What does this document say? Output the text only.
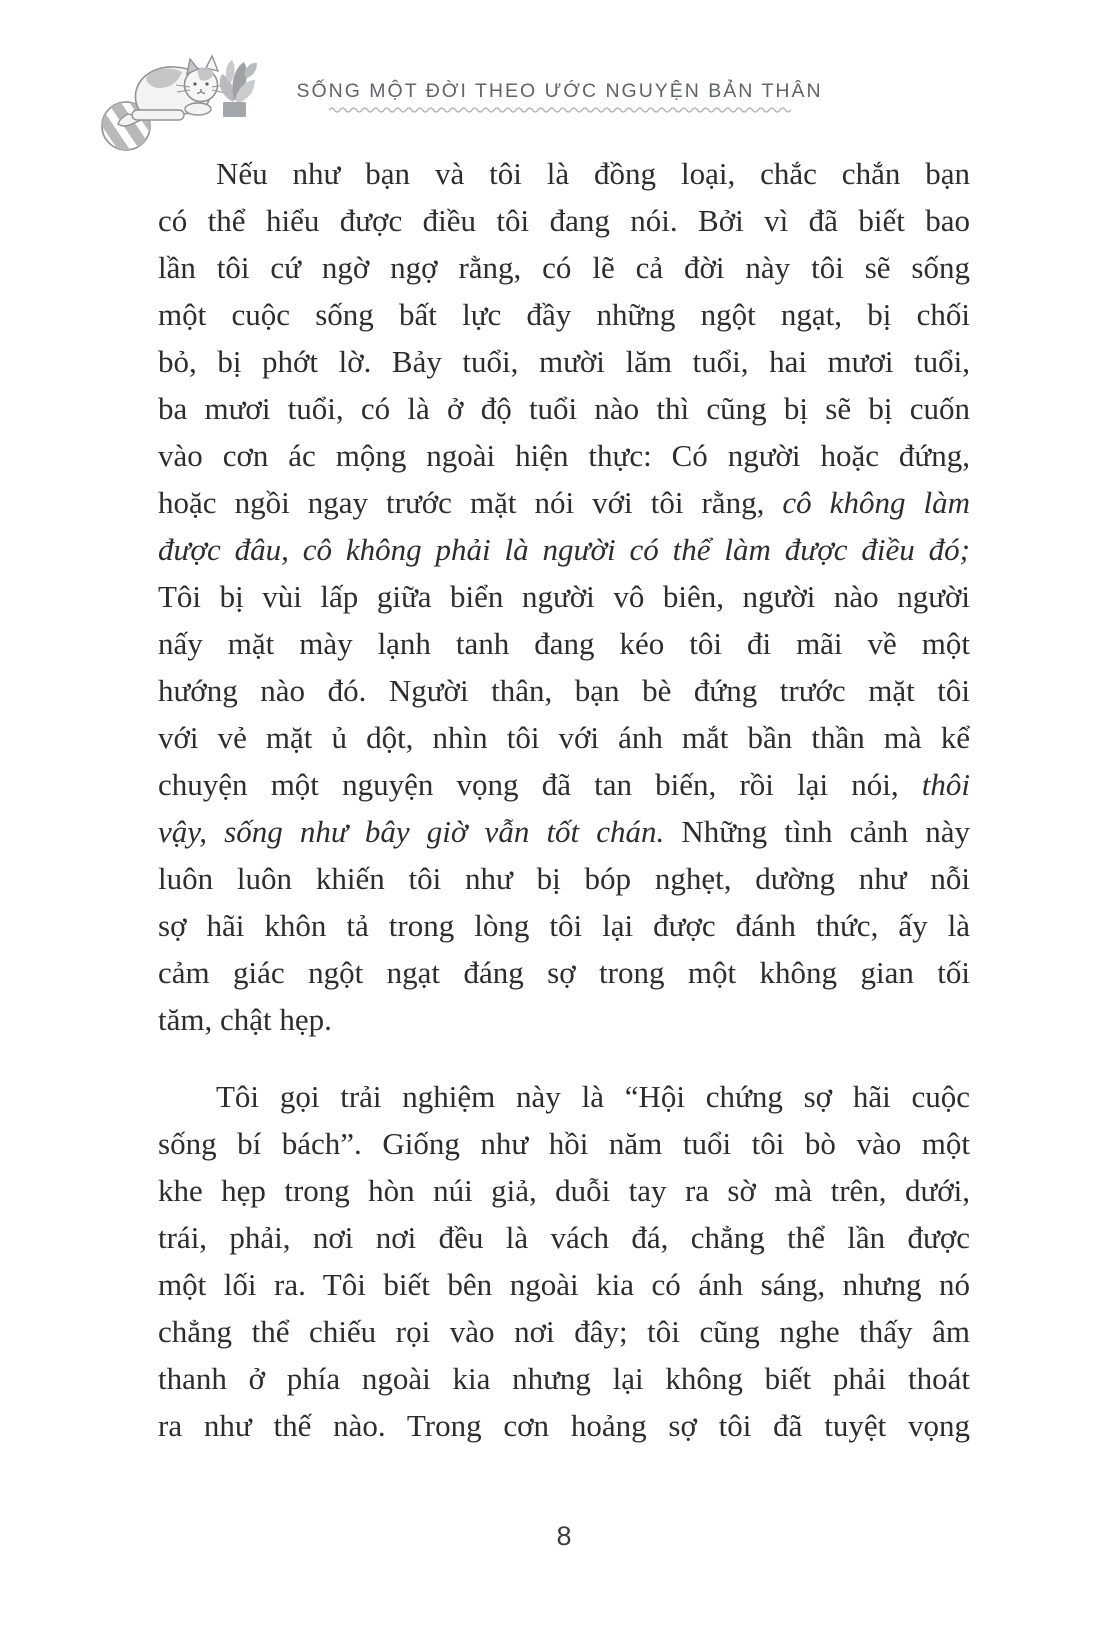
SỐNG MỘT ĐỜI THEO ƯỚC NGUYỆN BẢN THÂN
Nếu như bạn và tôi là đồng loại, chắc chắn bạn
có thể hiểu được điều tôi đang nói. Bởi vì đã biết bao
lần tôi cứ ngờ ngợ rằng, có lẽ cả đời này tôi sẽ sống
một cuộc sống bất lực đầy những ngột ngạt, bị chối
bỏ, bị phớt lờ. Bảy tuổi, mười lăm tuổi, hai mươi tuổi,
ba mươi tuổi, có là ở độ tuổi nào thì cũng bị sẽ bị cuốn
vào cơn ác mộng ngoài hiện thực: Có người hoặc đứng,
hoặc ngồi ngay trước mặt nói với tôi rằng, cô không làm
được đâu, cô không phải là người có thể làm được điều đó;
Tôi bị vùi lấp giữa biển người vô biên, người nào người
nấy mặt mày lạnh tanh đang kéo tôi đi mãi về một
hướng nào đó. Người thân, bạn bè đứng trước mặt tôi
với vẻ mặt ủ dột, nhìn tôi với ánh mắt bần thần mà kể
chuyện một nguyện vọng đã tan biến, rồi lại nói, thôi
vậy, sống như bây giờ vẫn tốt chán. Những tình cảnh này
luôn luôn khiến tôi như bị bóp nghẹt, dường như nỗi
sợ hãi khôn tả trong lòng tôi lại được đánh thức, ấy là
cảm giác ngột ngạt đáng sợ trong một không gian tối
tăm, chật hẹp.
Tôi gọi trải nghiệm này là “Hội chứng sợ hãi cuộc
sống bí bách”. Giống như hồi năm tuổi tôi bò vào một
khe hẹp trong hòn núi giả, duỗi tay ra sờ mà trên, dưới,
trái, phải, nơi nơi đều là vách đá, chẳng thể lần được
một lối ra. Tôi biết bên ngoài kia có ánh sáng, nhưng nó
chẳng thể chiếu rọi vào nơi đây; tôi cũng nghe thấy âm
thanh ở phía ngoài kia nhưng lại không biết phải thoát
ra như thế nào. Trong cơn hoảng sợ tôi đã tuyệt vọng
8
